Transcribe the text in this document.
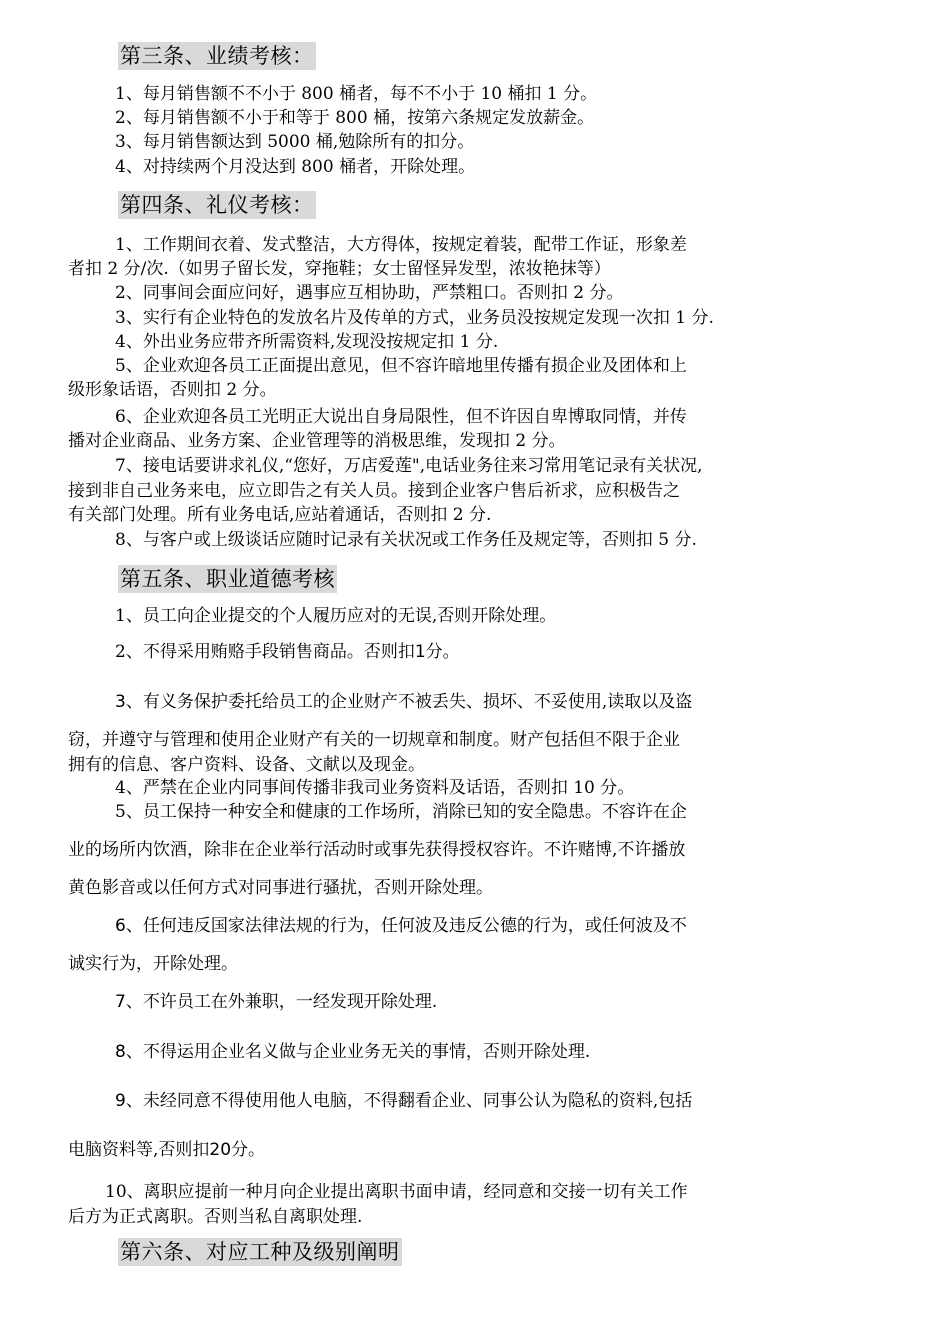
第三条、业绩考核：
1、每月销售额不不小于 800 桶者，每不不小于 10 桶扣 1 分。
2、每月销售额不小于和等于 800 桶，按第六条规定发放薪金。
3、每月销售额达到 5000 桶,勉除所有的扣分。
4、对持续两个月没达到 800 桶者，开除处理。
第四条、礼仪考核：
1、工作期间衣着、发式整洁，大方得体，按规定着装，配带工作证，形象差
者扣 2 分/次.（如男子留长发，穿拖鞋；女士留怪异发型，浓妆艳抹等）
2、同事间会面应问好，遇事应互相协助，严禁粗口。否则扣 2 分。
3、实行有企业特色的发放名片及传单的方式，业务员没按规定发现一次扣 1 分.
4、外出业务应带齐所需资料,发现没按规定扣 1 分.
5、企业欢迎各员工正面提出意见，但不容许暗地里传播有损企业及团体和上
级形象话语，否则扣 2 分。
6、企业欢迎各员工光明正大说出自身局限性，但不许因自卑博取同情，并传
播对企业商品、业务方案、企业管理等的消极思维，发现扣 2 分。
7、接电话要讲求礼仪,“您好，万店爱莲",电话业务往来习常用笔记录有关状况,
接到非自己业务来电，应立即告之有关人员。接到企业客户售后祈求，应积极告之
有关部门处理。所有业务电话,应站着通话，否则扣 2 分.
8、与客户或上级谈话应随时记录有关状况或工作务任及规定等，否则扣 5 分.
第五条、职业道德考核
1、员工向企业提交的个人履历应对的无误,否则开除处理。
2、不得采用贿赂手段销售商品。否则扣1分。
3、有义务保护委托给员工的企业财产不被丢失、损坏、不妥使用,读取以及盗
窃，并遵守与管理和使用企业财产有关的一切规章和制度。财产包括但不限于企业
拥有的信息、客户资料、设备、文献以及现金。
4、严禁在企业内同事间传播非我司业务资料及话语，否则扣 10 分。
5、员工保持一种安全和健康的工作场所，消除已知的安全隐患。不容许在企
业的场所内饮酒，除非在企业举行活动时或事先获得授权容许。不许赌博,不许播放
黄色影音或以任何方式对同事进行骚扰，否则开除处理。
6、任何违反国家法律法规的行为，任何波及违反公德的行为，或任何波及不
诚实行为，开除处理。
7、不许员工在外兼职，一经发现开除处理.
8、不得运用企业名义做与企业业务无关的事情，否则开除处理.
9、未经同意不得使用他人电脑，不得翻看企业、同事公认为隐私的资料,包括
电脑资料等,否则扣20分。
10、离职应提前一种月向企业提出离职书面申请，经同意和交接一切有关工作
后方为正式离职。否则当私自离职处理.
第六条、对应工种及级别阐明
